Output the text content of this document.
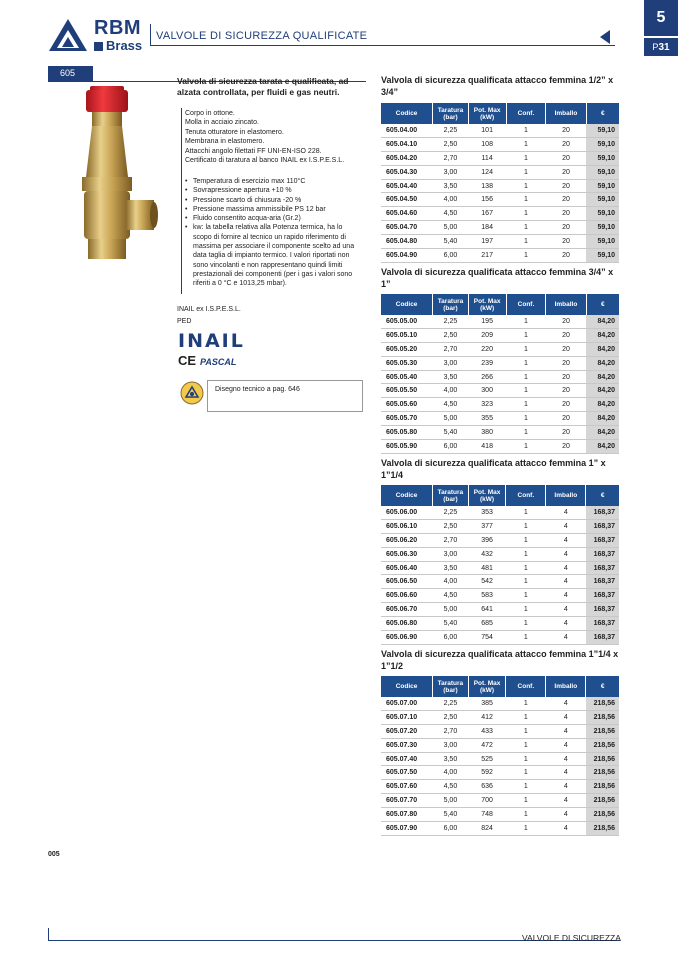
RBM
Brass
VALVOLE DI SICUREZZA QUALIFICATE
5
P31
605
Valvola di sicurezza tarata e qualificata, ad alzata controllata, per fluidi e gas neutri.
Corpo in ottone.
Molla in acciaio zincato.
Tenuta otturatore in elastomero.
Membrana in elastomero.
Attacchi angolo filettati FF UNI-EN-ISO 228.
Certificato di taratura al banco INAIL ex I.S.P.E.S.L.
• Temperatura di esercizio max 110°C
• Sovrapressione apertura +10 %
• Pressione scarto di chiusura -20 %
• Pressione massima ammissibile PS 12 bar
• Fluido consentito acqua-aria (Gr.2)
• kw: la tabella relativa alla Potenza termica, ha lo scopo di fornire al tecnico un rapido riferimento di massima per associare il componente scelto ad una data taglia di impianto termico. I valori riportati non sono vincolanti e non rappresentano quindi limiti prestazionali dei componenti (per i gas i valori sono riferiti a 0 °C e 1013,25 mbar).
INAIL ex I.S.P.E.S.L.
PED
INAIL
CE PASCAL
Disegno tecnico a pag. 646
Valvola di sicurezza qualificata attacco femmina 1/2” x 3/4”
Codice	Taratura (bar)	Pot. Max (kW)	Conf.	Imballo	€
605.04.00	2,25	101	1	20	59,10
605.04.10	2,50	108	1	20	59,10
605.04.20	2,70	114	1	20	59,10
605.04.30	3,00	124	1	20	59,10
605.04.40	3,50	138	1	20	59,10
605.04.50	4,00	156	1	20	59,10
605.04.60	4,50	167	1	20	59,10
605.04.70	5,00	184	1	20	59,10
605.04.80	5,40	197	1	20	59,10
605.04.90	6,00	217	1	20	59,10
Valvola di sicurezza qualificata attacco femmina 3/4” x 1”
Codice	Taratura (bar)	Pot. Max (kW)	Conf.	Imballo	€
605.05.00	2,25	195	1	20	84,20
605.05.10	2,50	209	1	20	84,20
605.05.20	2,70	220	1	20	84,20
605.05.30	3,00	239	1	20	84,20
605.05.40	3,50	266	1	20	84,20
605.05.50	4,00	300	1	20	84,20
605.05.60	4,50	323	1	20	84,20
605.05.70	5,00	355	1	20	84,20
605.05.80	5,40	380	1	20	84,20
605.05.90	6,00	418	1	20	84,20
Valvola di sicurezza qualificata attacco femmina 1” x 1”1/4
Codice	Taratura (bar)	Pot. Max (kW)	Conf.	Imballo	€
605.06.00	2,25	353	1	4	168,37
605.06.10	2,50	377	1	4	168,37
605.06.20	2,70	396	1	4	168,37
605.06.30	3,00	432	1	4	168,37
605.06.40	3,50	481	1	4	168,37
605.06.50	4,00	542	1	4	168,37
605.06.60	4,50	583	1	4	168,37
605.06.70	5,00	641	1	4	168,37
605.06.80	5,40	685	1	4	168,37
605.06.90	6,00	754	1	4	168,37
Valvola di sicurezza qualificata attacco femmina 1”1/4 x 1”1/2
Codice	Taratura (bar)	Pot. Max (kW)	Conf.	Imballo	€
605.07.00	2,25	385	1	4	218,56
605.07.10	2,50	412	1	4	218,56
605.07.20	2,70	433	1	4	218,56
605.07.30	3,00	472	1	4	218,56
605.07.40	3,50	525	1	4	218,56
605.07.50	4,00	592	1	4	218,56
605.07.60	4,50	636	1	4	218,56
605.07.70	5,00	700	1	4	218,56
605.07.80	5,40	748	1	4	218,56
605.07.90	6,00	824	1	4	218,56
005
VALVOLE DI SICUREZZA
